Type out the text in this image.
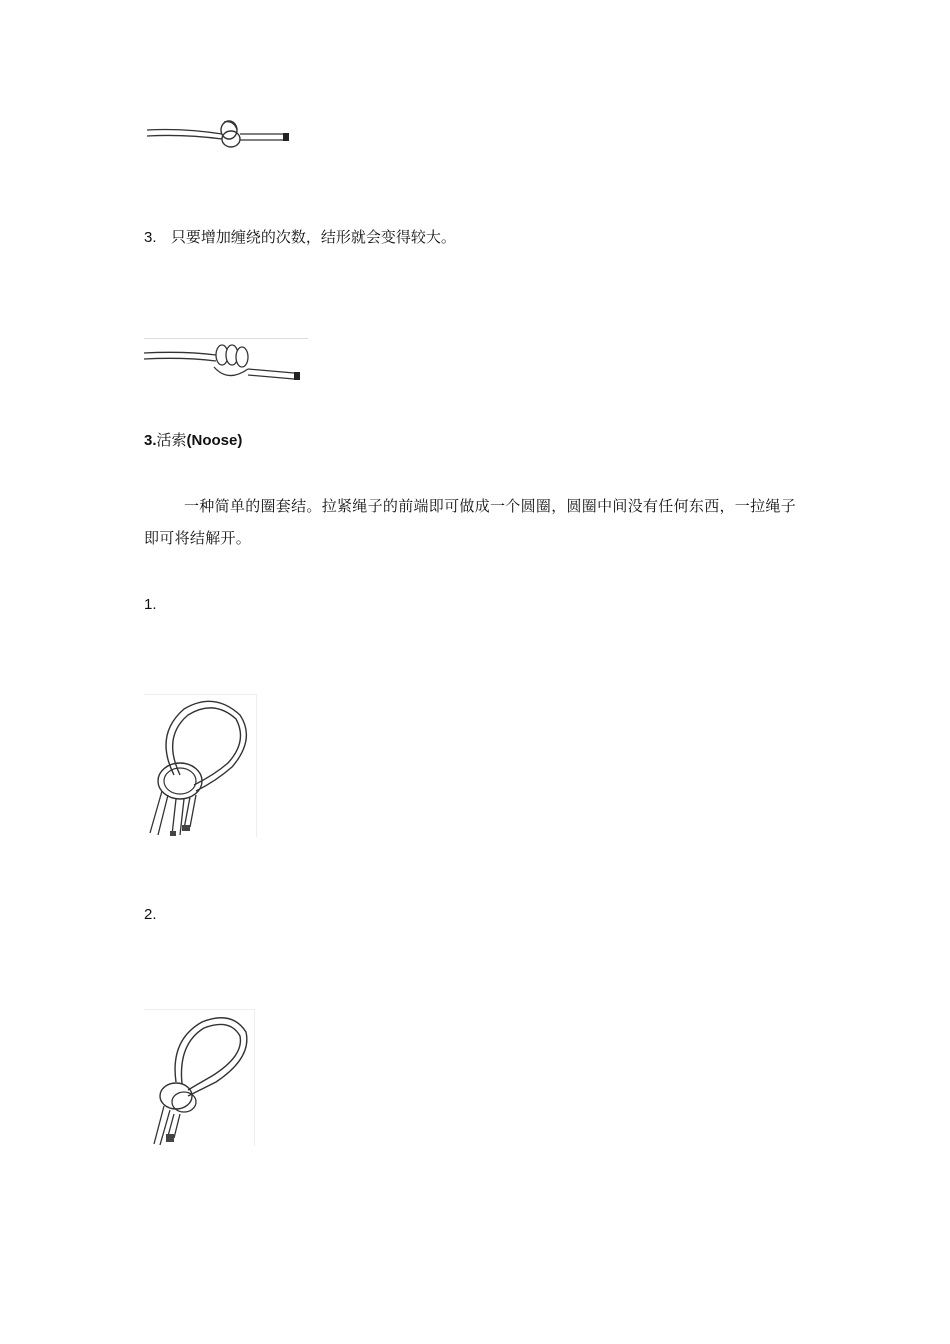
3. 只要增加缠绕的次数，结形就会变得较大。
3.活索(Noose)
一种简单的圈套结。拉紧绳子的前端即可做成一个圆圈，圆圈中间没有任何东西，一拉绳子即可将结解开。
1.
2.
